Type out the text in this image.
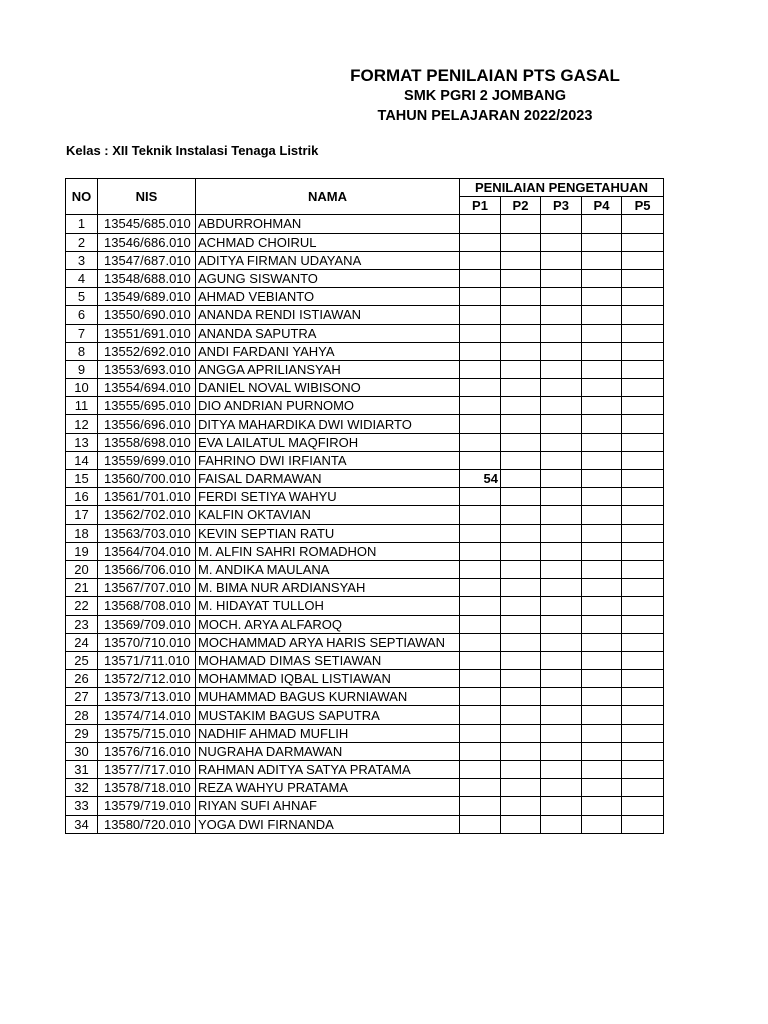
FORMAT PENILAIAN PTS GASAL
SMK PGRI 2 JOMBANG
TAHUN PELAJARAN 2022/2023
Kelas : XII Teknik Instalasi Tenaga Listrik
NO	NIS	NAMA	PENILAIAN PENGETAHUAN				
			P1	P2	P3	P4	P5
1	13545/685.010	ABDURROHMAN					
2	13546/686.010	ACHMAD CHOIRUL					
3	13547/687.010	ADITYA FIRMAN UDAYANA					
4	13548/688.010	AGUNG SISWANTO					
5	13549/689.010	AHMAD VEBIANTO					
6	13550/690.010	ANANDA RENDI ISTIAWAN					
7	13551/691.010	ANANDA SAPUTRA					
8	13552/692.010	ANDI FARDANI YAHYA					
9	13553/693.010	ANGGA APRILIANSYAH					
10	13554/694.010	DANIEL NOVAL WIBISONO					
11	13555/695.010	DIO ANDRIAN PURNOMO					
12	13556/696.010	DITYA MAHARDIKA DWI WIDIARTO					
13	13558/698.010	EVA LAILATUL MAQFIROH					
14	13559/699.010	FAHRINO DWI IRFIANTA					
15	13560/700.010	FAISAL DARMAWAN	54				
16	13561/701.010	FERDI SETIYA WAHYU					
17	13562/702.010	KALFIN OKTAVIAN					
18	13563/703.010	KEVIN SEPTIAN RATU					
19	13564/704.010	M. ALFIN SAHRI ROMADHON					
20	13566/706.010	M. ANDIKA MAULANA					
21	13567/707.010	M. BIMA NUR ARDIANSYAH					
22	13568/708.010	M. HIDAYAT TULLOH					
23	13569/709.010	MOCH. ARYA ALFAROQ					
24	13570/710.010	MOCHAMMAD ARYA HARIS SEPTIAWAN					
25	13571/711.010	MOHAMAD DIMAS SETIAWAN					
26	13572/712.010	MOHAMMAD IQBAL LISTIAWAN					
27	13573/713.010	MUHAMMAD BAGUS KURNIAWAN					
28	13574/714.010	MUSTAKIM BAGUS SAPUTRA					
29	13575/715.010	NADHIF AHMAD MUFLIH					
30	13576/716.010	NUGRAHA DARMAWAN					
31	13577/717.010	RAHMAN ADITYA SATYA PRATAMA					
32	13578/718.010	REZA WAHYU PRATAMA					
33	13579/719.010	RIYAN SUFI AHNAF					
34	13580/720.010	YOGA DWI FIRNANDA					
